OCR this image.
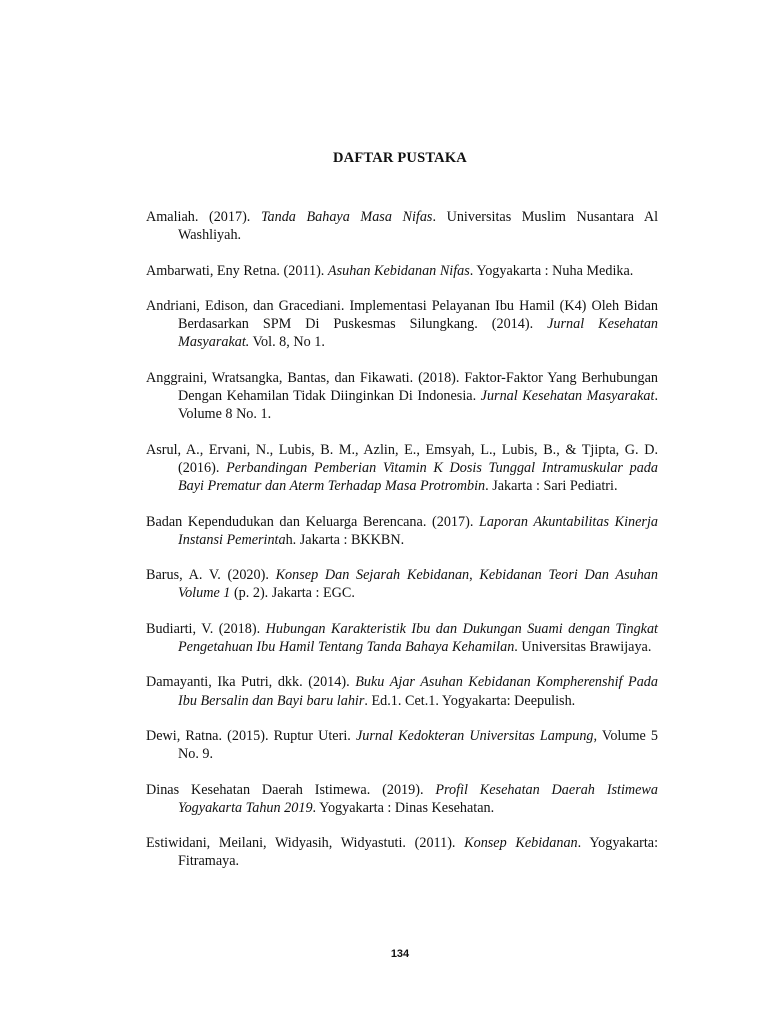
DAFTAR PUSTAKA
Amaliah. (2017). Tanda Bahaya Masa Nifas. Universitas Muslim Nusantara Al Washliyah.
Ambarwati, Eny Retna. (2011). Asuhan Kebidanan Nifas. Yogyakarta : Nuha Medika.
Andriani, Edison, dan Gracediani. Implementasi Pelayanan Ibu Hamil (K4) Oleh Bidan Berdasarkan SPM Di Puskesmas Silungkang. (2014). Jurnal Kesehatan Masyarakat. Vol. 8, No 1.
Anggraini, Wratsangka, Bantas, dan Fikawati. (2018). Faktor-Faktor Yang Berhubungan Dengan Kehamilan Tidak Diinginkan Di Indonesia. Jurnal Kesehatan Masyarakat. Volume 8 No. 1.
Asrul, A., Ervani, N., Lubis, B. M., Azlin, E., Emsyah, L., Lubis, B., & Tjipta, G. D. (2016). Perbandingan Pemberian Vitamin K Dosis Tunggal Intramuskular pada Bayi Prematur dan Aterm Terhadap Masa Protrombin. Jakarta : Sari Pediatri.
Badan Kependudukan dan Keluarga Berencana. (2017). Laporan Akuntabilitas Kinerja Instansi Pemerintah. Jakarta : BKKBN.
Barus, A. V. (2020). Konsep Dan Sejarah Kebidanan, Kebidanan Teori Dan Asuhan Volume 1 (p. 2). Jakarta : EGC.
Budiarti, V. (2018). Hubungan Karakteristik Ibu dan Dukungan Suami dengan Tingkat Pengetahuan Ibu Hamil Tentang Tanda Bahaya Kehamilan. Universitas Brawijaya.
Damayanti, Ika Putri, dkk. (2014). Buku Ajar Asuhan Kebidanan Kompherenshif Pada Ibu Bersalin dan Bayi baru lahir. Ed.1. Cet.1. Yogyakarta: Deepulish.
Dewi, Ratna. (2015). Ruptur Uteri. Jurnal Kedokteran Universitas Lampung, Volume 5 No. 9.
Dinas Kesehatan Daerah Istimewa. (2019). Profil Kesehatan Daerah Istimewa Yogyakarta Tahun 2019. Yogyakarta : Dinas Kesehatan.
Estiwidani, Meilani, Widyasih, Widyastuti. (2011). Konsep Kebidanan. Yogyakarta: Fitramaya.
134
